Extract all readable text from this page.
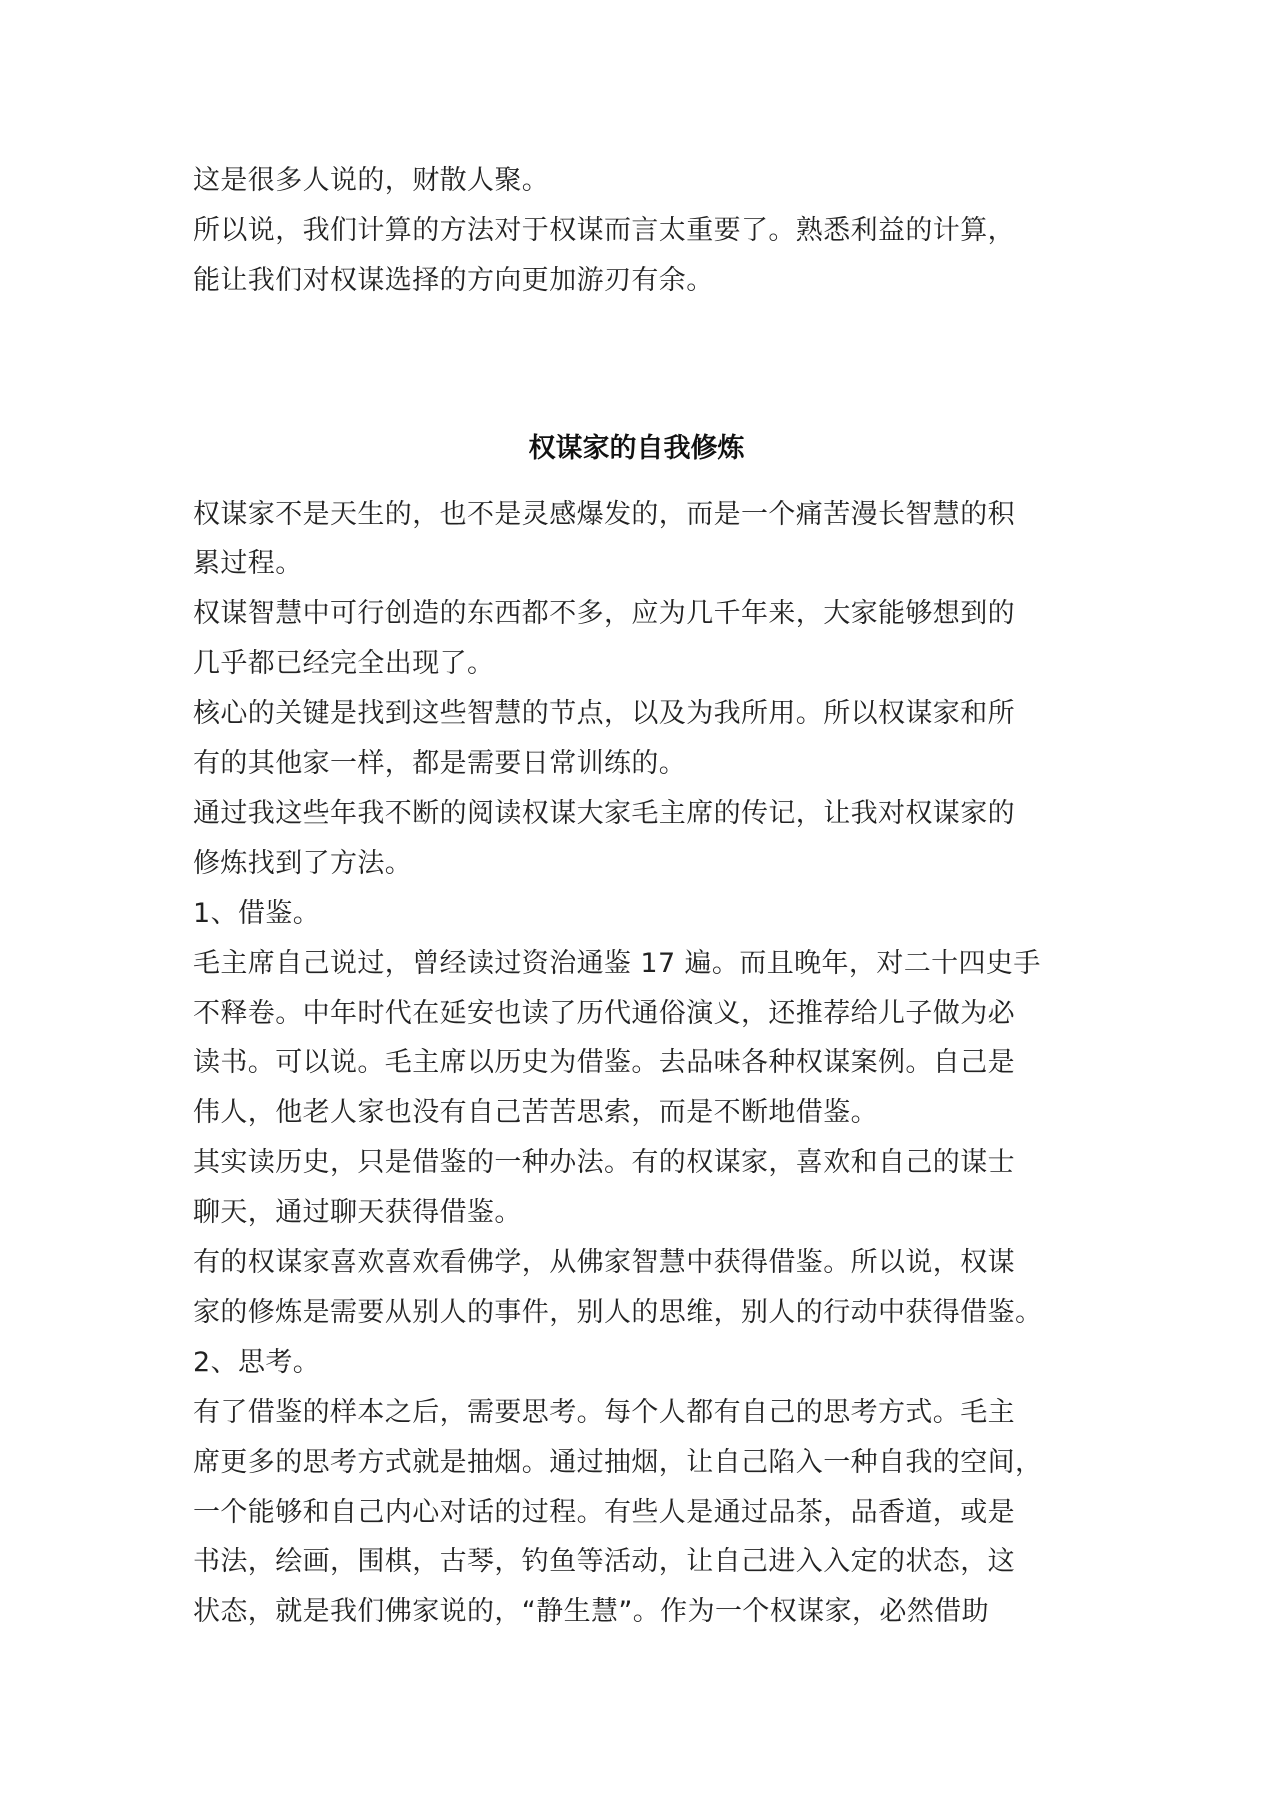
这是很多人说的，财散人聚。
所以说，我们计算的方法对于权谋而言太重要了。熟悉利益的计算，
能让我们对权谋选择的方向更加游刃有余。
权谋家的自我修炼
权谋家不是天生的，也不是灵感爆发的，而是一个痛苦漫长智慧的积
累过程。
权谋智慧中可行创造的东西都不多，应为几千年来，大家能够想到的
几乎都已经完全出现了。
核心的关键是找到这些智慧的节点，以及为我所用。所以权谋家和所
有的其他家一样，都是需要日常训练的。
通过我这些年我不断的阅读权谋大家毛主席的传记，让我对权谋家的
修炼找到了方法。
1、借鉴。
毛主席自己说过，曾经读过资治通鉴 17 遍。而且晚年，对二十四史手
不释卷。中年时代在延安也读了历代通俗演义，还推荐给儿子做为必
读书。可以说。毛主席以历史为借鉴。去品味各种权谋案例。自己是
伟人，他老人家也没有自己苦苦思索，而是不断地借鉴。
其实读历史，只是借鉴的一种办法。有的权谋家，喜欢和自己的谋士
聊天，通过聊天获得借鉴。
有的权谋家喜欢喜欢看佛学，从佛家智慧中获得借鉴。所以说，权谋
家的修炼是需要从别人的事件，别人的思维，别人的行动中获得借鉴。
2、思考。
有了借鉴的样本之后，需要思考。每个人都有自己的思考方式。毛主
席更多的思考方式就是抽烟。通过抽烟，让自己陷入一种自我的空间，
一个能够和自己内心对话的过程。有些人是通过品茶，品香道，或是
书法，绘画，围棋，古琴，钓鱼等活动，让自己进入入定的状态，这
状态，就是我们佛家说的，“静生慧”。作为一个权谋家，必然借助
